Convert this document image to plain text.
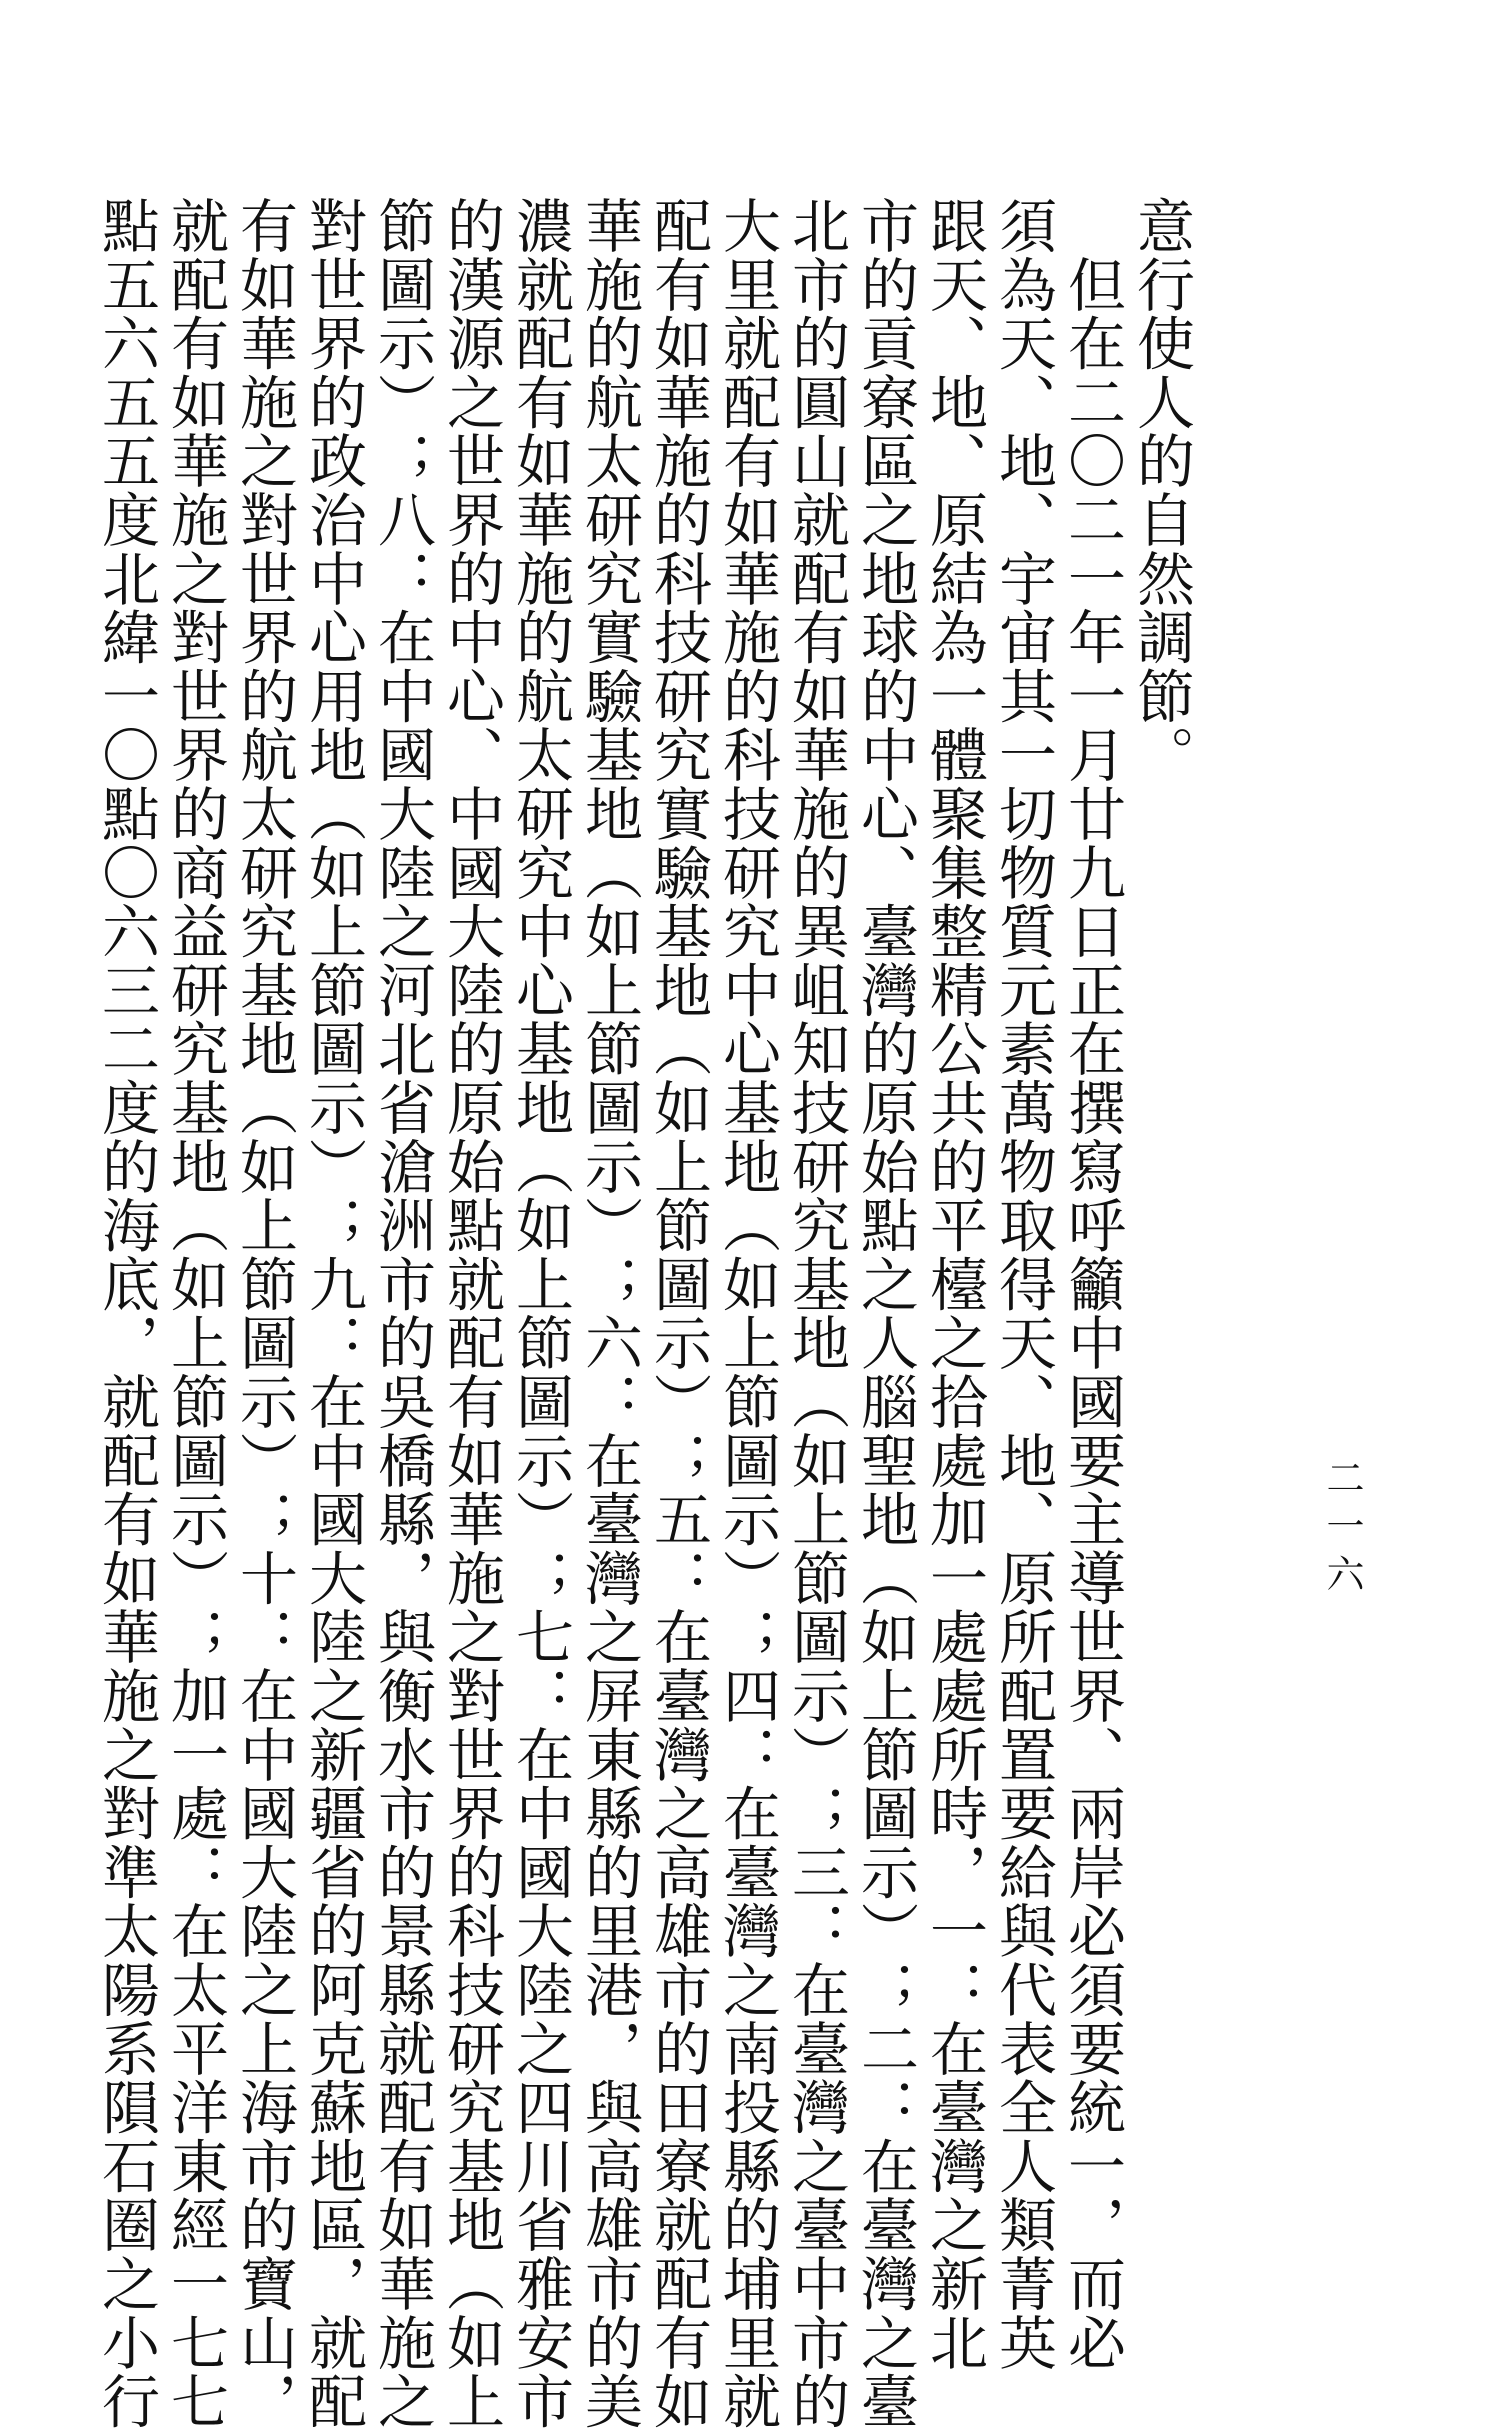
意行使人的自然調節。
　但在二〇二一年一月廿九日正在撰寫呼籲中國要主導世界、兩岸必須要統一，而必
須為天、地、宇宙其一切物質元素萬物取得天、地、原所配置要給與代表全人類菁英
跟天、地、原結為一體聚集整精公共的平檯之拾處加一處處所時，一：在臺灣之新北
市的貢寮區之地球的中心、臺灣的原始點之人腦聖地（如上節圖示）；二：在臺灣之臺
北市的圓山就配有如華施的異岨知技研究基地（如上節圖示）；三：在臺灣之臺中市的
大里就配有如華施的科技研究中心基地（如上節圖示）；四：在臺灣之南投縣的埔里就
配有如華施的科技研究實驗基地（如上節圖示）；五：在臺灣之高雄市的田寮就配有如
華施的航太研究實驗基地（如上節圖示）；六：在臺灣之屏東縣的里港，與高雄市的美
濃就配有如華施的航太研究中心基地（如上節圖示）；七：在中國大陸之四川省雅安市
的漢源之世界的中心、中國大陸的原始點就配有如華施之對世界的科技研究基地（如上
節圖示）；八：在中國大陸之河北省滄洲市的吳橋縣，與衡水市的景縣就配有如華施之
對世界的政治中心用地（如上節圖示）；九：在中國大陸之新疆省的阿克蘇地區，就配
有如華施之對世界的航太研究基地（如上節圖示）；十：在中國大陸之上海市的寶山，
就配有如華施之對世界的商益研究基地（如上節圖示）；加一處：在太平洋東經一七七
點五六五五度北緯一〇點〇六三二度的海底，就配有如華施之對準太陽系隕石圈之小行	二一六
